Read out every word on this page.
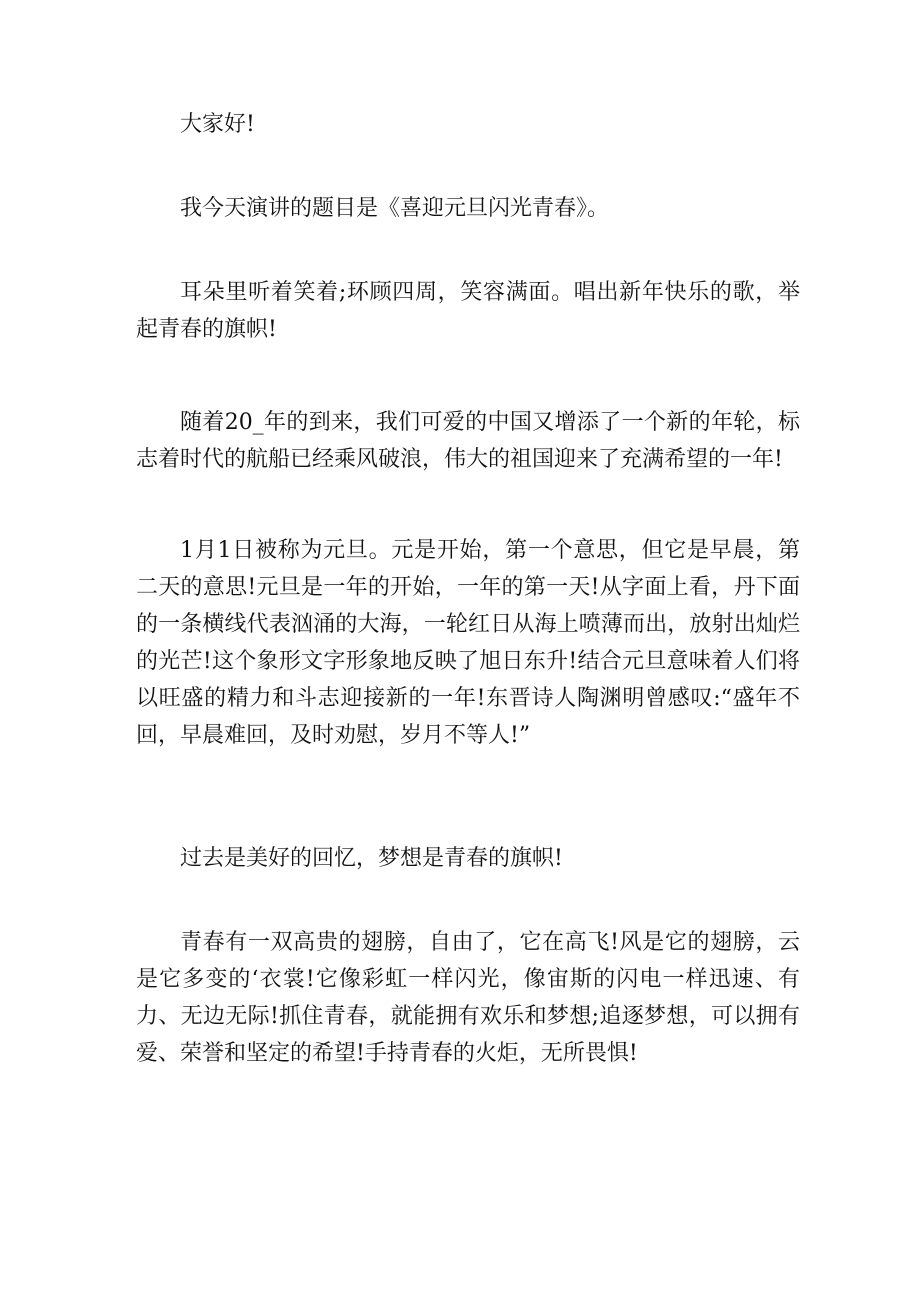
大家好!

我今天演讲的题目是《喜迎元旦闪光青春》。

耳朵里听着笑着;环顾四周，笑容满面。唱出新年快乐的歌，举起青春的旗帜!

随着20_年的到来，我们可爱的中国又增添了一个新的年轮，标志着时代的航船已经乘风破浪，伟大的祖国迎来了充满希望的一年!

1月1日被称为元旦。元是开始，第一个意思，但它是早晨，第二天的意思!元旦是一年的开始，一年的第一天!从字面上看，丹下面的一条横线代表汹涌的大海，一轮红日从海上喷薄而出，放射出灿烂的光芒!这个象形文字形象地反映了旭日东升!结合元旦意味着人们将以旺盛的精力和斗志迎接新的一年!东晋诗人陶渊明曾感叹:“盛年不回，早晨难回，及时劝慰，岁月不等人!”

过去是美好的回忆，梦想是青春的旗帜!

青春有一双高贵的翅膀，自由了，它在高飞!风是它的翅膀，云是它多变的‘衣裳!它像彩虹一样闪光，像宙斯的闪电一样迅速、有力、无边无际!抓住青春，就能拥有欢乐和梦想;追逐梦想，可以拥有爱、荣誉和坚定的希望!手持青春的火炬，无所畏惧!
